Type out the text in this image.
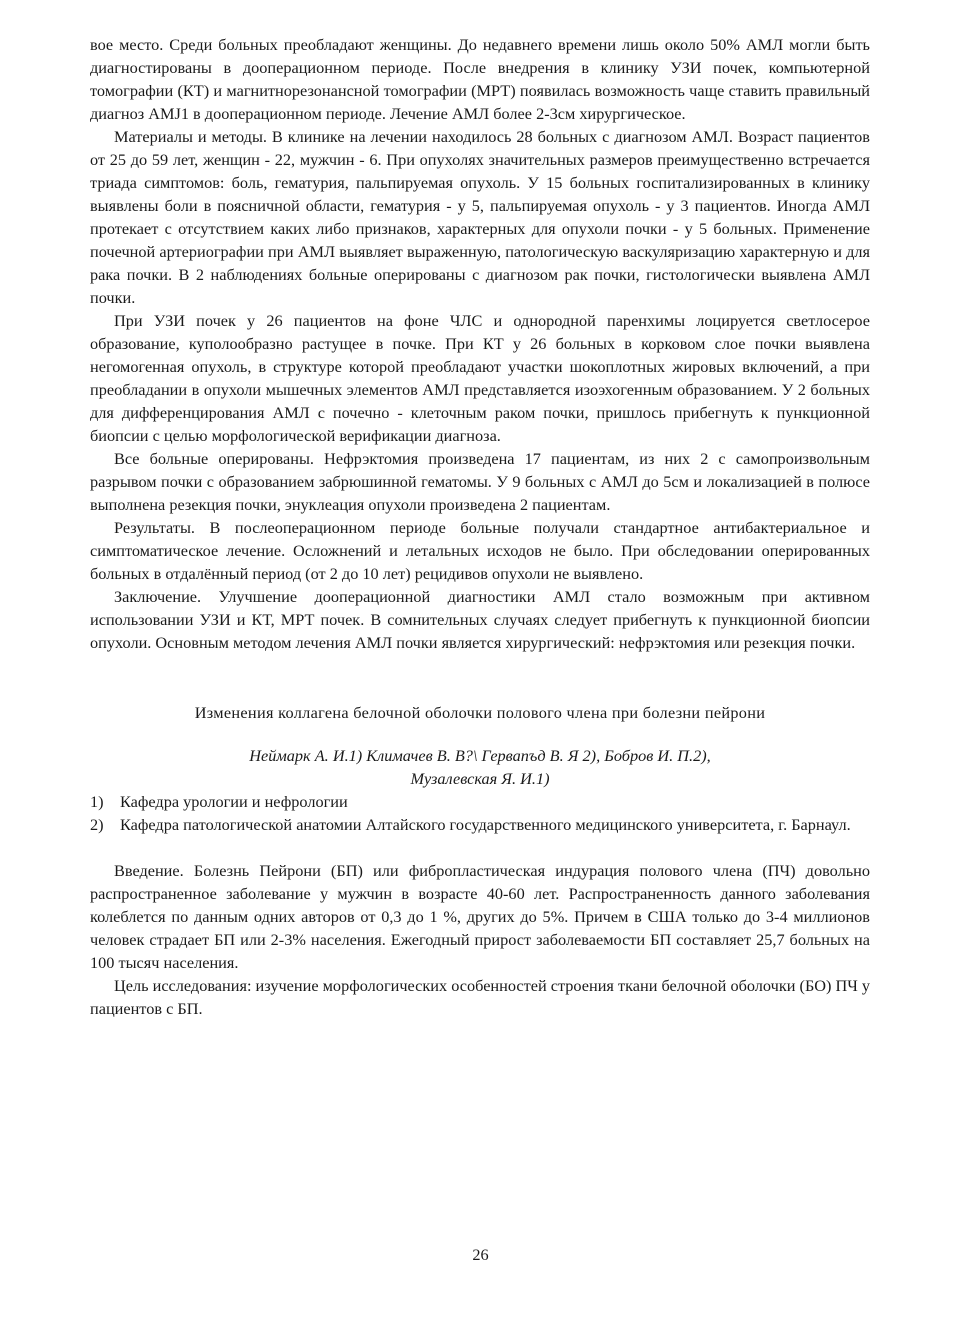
вое место. Среди больных преобладают женщины. До недавнего времени лишь около 50% АМЛ могли быть диагностированы в дооперационном периоде. После внедрения в клинику УЗИ почек, компьютерной томографии (КТ) и магнитнорезонансной томографии (МРТ) появилась возможность чаще ставить правильный диагноз АМЈ1 в дооперационном периоде. Лечение АМЛ более 2-3см хирургическое.

Материалы и методы. В клинике на лечении находилось 28 больных с диагнозом АМЛ. Возраст пациентов от 25 до 59 лет, женщин - 22, мужчин - 6. При опухолях значительных размеров преимущественно встречается триада симптомов: боль, гематурия, пальпируемая опухоль. У 15 больных госпитализированных в клинику выявлены боли в поясничной области, гематурия - у 5, пальпируемая опухоль - у 3 пациентов. Иногда АМЛ протекает с отсутствием каких либо признаков, характерных для опухоли почки - у 5 больных. Применение почечной артериографии при АМЛ выявляет выраженную, патологическую васкуляризацию характерную и для рака почки. В 2 наблюдениях больные оперированы с диагнозом рак почки, гистологически выявлена АМЛ почки.

При УЗИ почек у 26 пациентов на фоне ЧЛС и однородной паренхимы лоцируется светлосерое образование, куполообразно растущее в почке. При КТ у 26 больных в корковом слое почки выявлена негомогенная опухоль, в структуре которой преобладают участки шокоплотных жировых включений, а при преобладании в опухоли мышечных элементов АМЛ представляется изоэхогенным образованием. У 2 больных для дифференцирования АМЛ с почечно - клеточным раком почки, пришлось прибегнуть к пункционной биопсии с целью морфологической верификации диагноза.

Все больные оперированы. Нефрэктомия произведена 17 пациентам, из них 2 с самопроизвольным разрывом почки с образованием забрюшинной гематомы. У 9 больных с АМЛ до 5см и локализацией в полюсе выполнена резекция почки, энуклеация опухоли произведена 2 пациентам.

Результаты. В послеоперационном периоде больные получали стандартное антибактериальное и симптоматическое лечение. Осложнений и летальных исходов не было. При обследовании оперированных больных в отдалённый период (от 2 до 10 лет) рецидивов опухоли не выявлено.

Заключение. Улучшение дооперационной диагностики АМЛ стало возможным при активном использовании УЗИ и КТ, МРТ почек. В сомнительных случаях следует прибегнуть к пункционной биопсии опухоли. Основным методом лечения АМЛ почки является хирургический: нефрэктомия или резекция почки.

Изменения коллагена белочной оболочки полового члена при болезни пейрони

Неймарк А. И.1) Климачев В. В?\ Гервапъд В. Я 2), Бобров И. П.2),
Музалевская Я. И.1)

1) Кафедра урологии и нефрологии

2) Кафедра патологической анатомии Алтайского государственного медицинского университета, г. Барнаул.

Введение. Болезнь Пейрони (БП) или фибропластическая индурация полового члена (ПЧ) довольно распространенное заболевание у мужчин в возрасте 40-60 лет. Распространенность данного заболевания колеблется по данным одних авторов от 0,3 до 1 %, других до 5%. Причем в США только до 3-4 миллионов человек страдает БП или 2-3% населения. Ежегодный прирост заболеваемости БП составляет 25,7 больных на 100 тысяч населения.

Цель исследования: изучение морфологических особенностей строения ткани белочной оболочки (БО) ПЧ у пациентов с БП.

26
